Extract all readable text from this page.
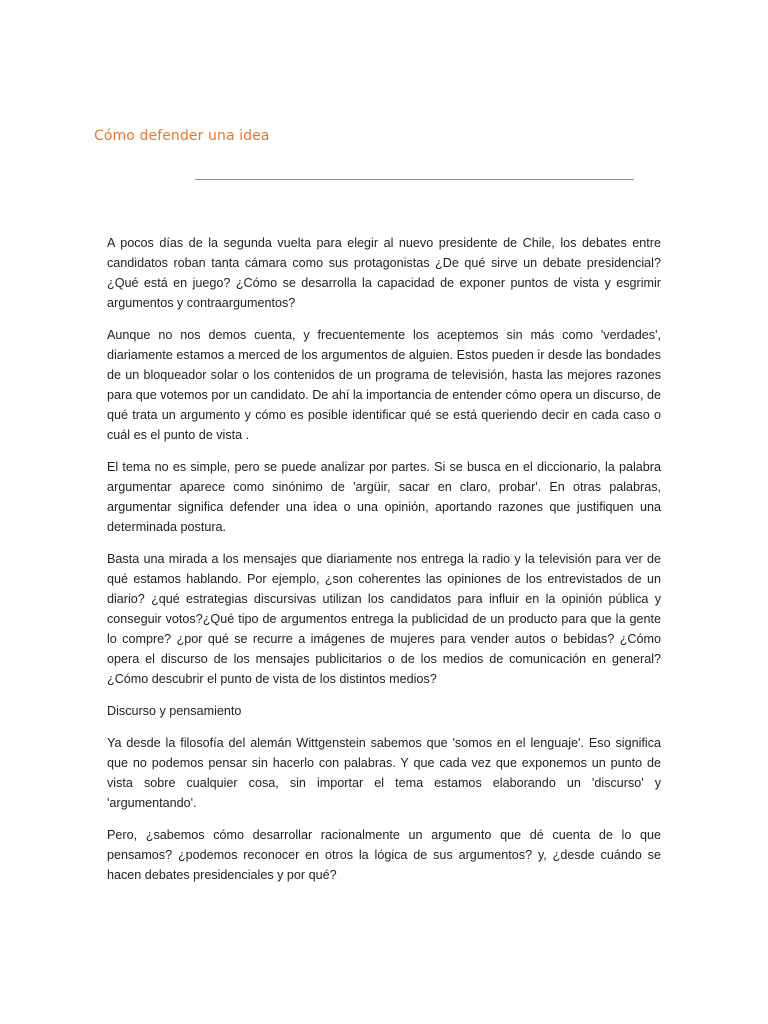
Cómo defender una idea

A pocos días de la segunda vuelta para elegir al nuevo presidente de Chile, los debates entre candidatos roban tanta cámara como sus protagonistas ¿De qué sirve un debate presidencial? ¿Qué está en juego? ¿Cómo se desarrolla la capacidad de exponer puntos de vista y esgrimir argumentos y contraargumentos?

Aunque no nos demos cuenta, y frecuentemente los aceptemos sin más como 'verdades', diariamente estamos a merced de los argumentos de alguien. Estos pueden ir desde las bondades de un bloqueador solar o los contenidos de un programa de televisión, hasta las mejores razones para que votemos por un candidato. De ahí la importancia de entender cómo opera un discurso, de qué trata un argumento y cómo es posible identificar qué se está queriendo decir en cada caso o cuál es el punto de vista .

El tema no es simple, pero se puede analizar por partes. Si se busca en el diccionario, la palabra argumentar aparece como sinónimo de 'argüir, sacar en claro, probar'. En otras palabras, argumentar significa defender una idea o una opinión, aportando razones que justifiquen una determinada postura.

Basta una mirada a los mensajes que diariamente nos entrega la radio y la televisión para ver de qué estamos hablando. Por ejemplo, ¿son coherentes las opiniones de los entrevistados de un diario? ¿qué estrategias discursivas utilizan los candidatos para influir en la opinión pública y conseguir votos?¿Qué tipo de argumentos entrega la publicidad de un producto para que la gente lo compre? ¿por qué se recurre a imágenes de mujeres para vender autos o bebidas? ¿Cómo opera el discurso de los mensajes publicitarios o de los medios de comunicación en general? ¿Cómo descubrir el punto de vista de los distintos medios?

Discurso y pensamiento

Ya desde la filosofía del alemán Wittgenstein sabemos que 'somos en el lenguaje'. Eso significa que no podemos pensar sin hacerlo con palabras. Y que cada vez que exponemos un punto de vista sobre cualquier cosa, sin importar el tema estamos elaborando un 'discurso' y 'argumentando'.

Pero, ¿sabemos cómo desarrollar racionalmente un argumento que dé cuenta de lo que pensamos? ¿podemos reconocer en otros la lógica de sus argumentos? y, ¿desde cuándo se hacen debates presidenciales y por qué?
